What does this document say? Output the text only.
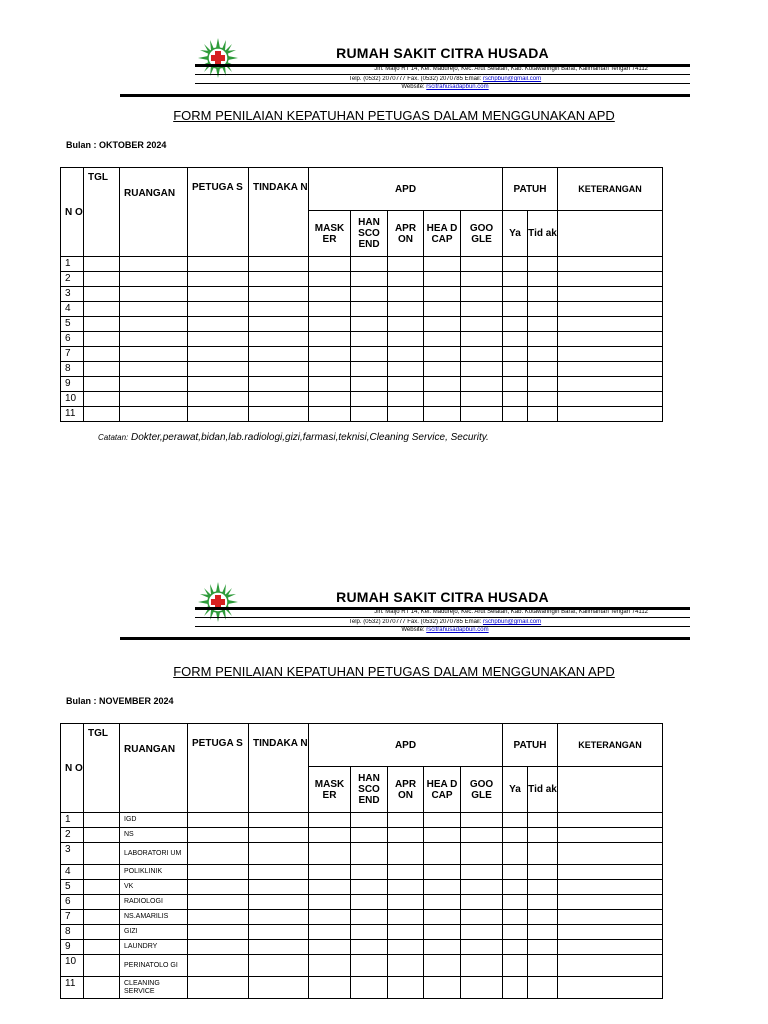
RUMAH SAKIT CITRA HUSADA
Jln. Maljo RT 14, Kel. Madurejo, Kec. Arut Selatan, Kab. Kotawaringin Barat, Kalimantan Tengah 74112
Telp. (0532) 2070777 Fax. (0532) 2070785 Email: rschpbun@gmail.com
Website: rscitrahusadapbun.com
FORM PENILAIAN KEPATUHAN PETUGAS DALAM MENGGUNAKAN APD
Bulan : OKTOBER 2024
N O	TGL	RUANGAN	PETUGA S	TINDAKA N	APD					PATUH		KETERANGAN
					MASK ER	HAN SCO END	APR ON	HEA D CAP	GOO GLE	Ya	Tid ak	
1												
2												
3												
4												
5												
6												
7												
8												
9												
10												
11												
Catatan: Dokter,perawat,bidan,lab.radiologi,gizi,farmasi,teknisi,Cleaning Service, Security.
RUMAH SAKIT CITRA HUSADA
Jln. Maljo RT 14, Kel. Madurejo, Kec. Arut Selatan, Kab. Kotawaringin Barat, Kalimantan Tengah 74112
Telp. (0532) 2070777 Fax. (0532) 2070785 Email: rschpbun@gmail.com
Website: rscitrahusadapbun.com
FORM PENILAIAN KEPATUHAN PETUGAS DALAM MENGGUNAKAN APD
Bulan : NOVEMBER 2024
N O	TGL	RUANGAN	PETUGA S	TINDAKA N	APD					PATUH		KETERANGAN
					MASK ER	HAN SCO END	APR ON	HEA D CAP	GOO GLE	Ya	Tid ak	
1		IGD										
2		NS										
3		LABORATORI UM										
4		POLIKLINIK										
5		VK										
6		RADIOLOGI										
7		NS.AMARILIS										
8		GIZI										
9		LAUNDRY										
10		PERINATOLO GI										
11		CLEANING SERVICE										
